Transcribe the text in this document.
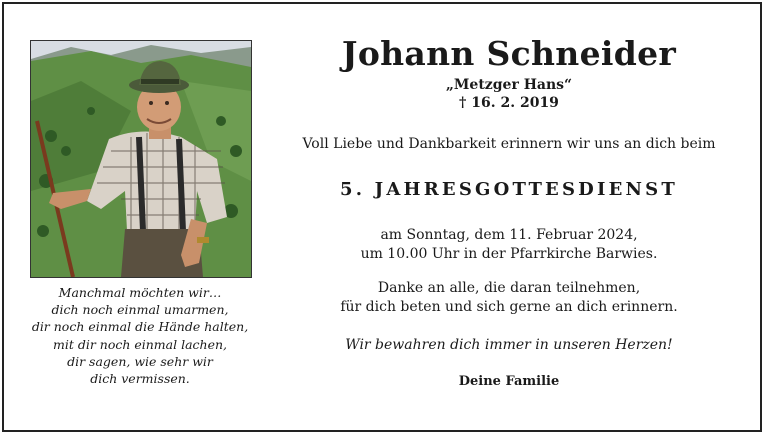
Manchmal möchten wir…
dich noch einmal umarmen,
dir noch einmal die Hände halten,
mit dir noch einmal lachen,
dir sagen, wie sehr wir
dich vermissen.
Johann Schneider
„Metzger Hans“
† 16. 2. 2019
Voll Liebe und Dankbarkeit erinnern wir uns an dich beim
5. JAHRESGOTTESDIENST
am Sonntag, dem 11. Februar 2024,
um 10.00 Uhr in der Pfarrkirche Barwies.
Danke an alle, die daran teilnehmen,
für dich beten und sich gerne an dich erinnern.
Wir bewahren dich immer in unseren Herzen!
Deine Familie
